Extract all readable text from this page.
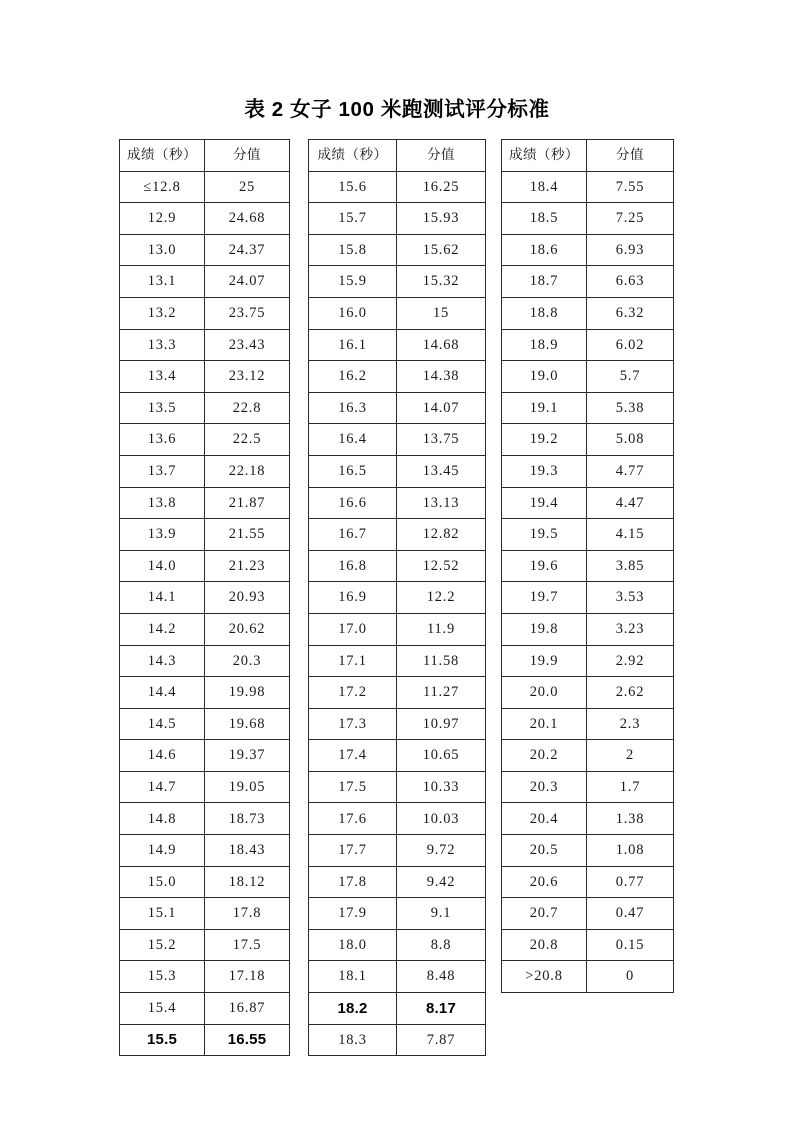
表 2 女子 100 米跑测试评分标准
成绩（秒）	分值
≤12.8	25
12.9	24.68
13.0	24.37
13.1	24.07
13.2	23.75
13.3	23.43
13.4	23.12
13.5	22.8
13.6	22.5
13.7	22.18
13.8	21.87
13.9	21.55
14.0	21.23
14.1	20.93
14.2	20.62
14.3	20.3
14.4	19.98
14.5	19.68
14.6	19.37
14.7	19.05
14.8	18.73
14.9	18.43
15.0	18.12
15.1	17.8
15.2	17.5
15.3	17.18
15.4	16.87
15.5	16.55
成绩（秒）	分值
15.6	16.25
15.7	15.93
15.8	15.62
15.9	15.32
16.0	15
16.1	14.68
16.2	14.38
16.3	14.07
16.4	13.75
16.5	13.45
16.6	13.13
16.7	12.82
16.8	12.52
16.9	12.2
17.0	11.9
17.1	11.58
17.2	11.27
17.3	10.97
17.4	10.65
17.5	10.33
17.6	10.03
17.7	9.72
17.8	9.42
17.9	9.1
18.0	8.8
18.1	8.48
18.2	8.17
18.3	7.87
成绩（秒）	分值
18.4	7.55
18.5	7.25
18.6	6.93
18.7	6.63
18.8	6.32
18.9	6.02
19.0	5.7
19.1	5.38
19.2	5.08
19.3	4.77
19.4	4.47
19.5	4.15
19.6	3.85
19.7	3.53
19.8	3.23
19.9	2.92
20.0	2.62
20.1	2.3
20.2	2
20.3	1.7
20.4	1.38
20.5	1.08
20.6	0.77
20.7	0.47
20.8	0.15
>20.8	0
